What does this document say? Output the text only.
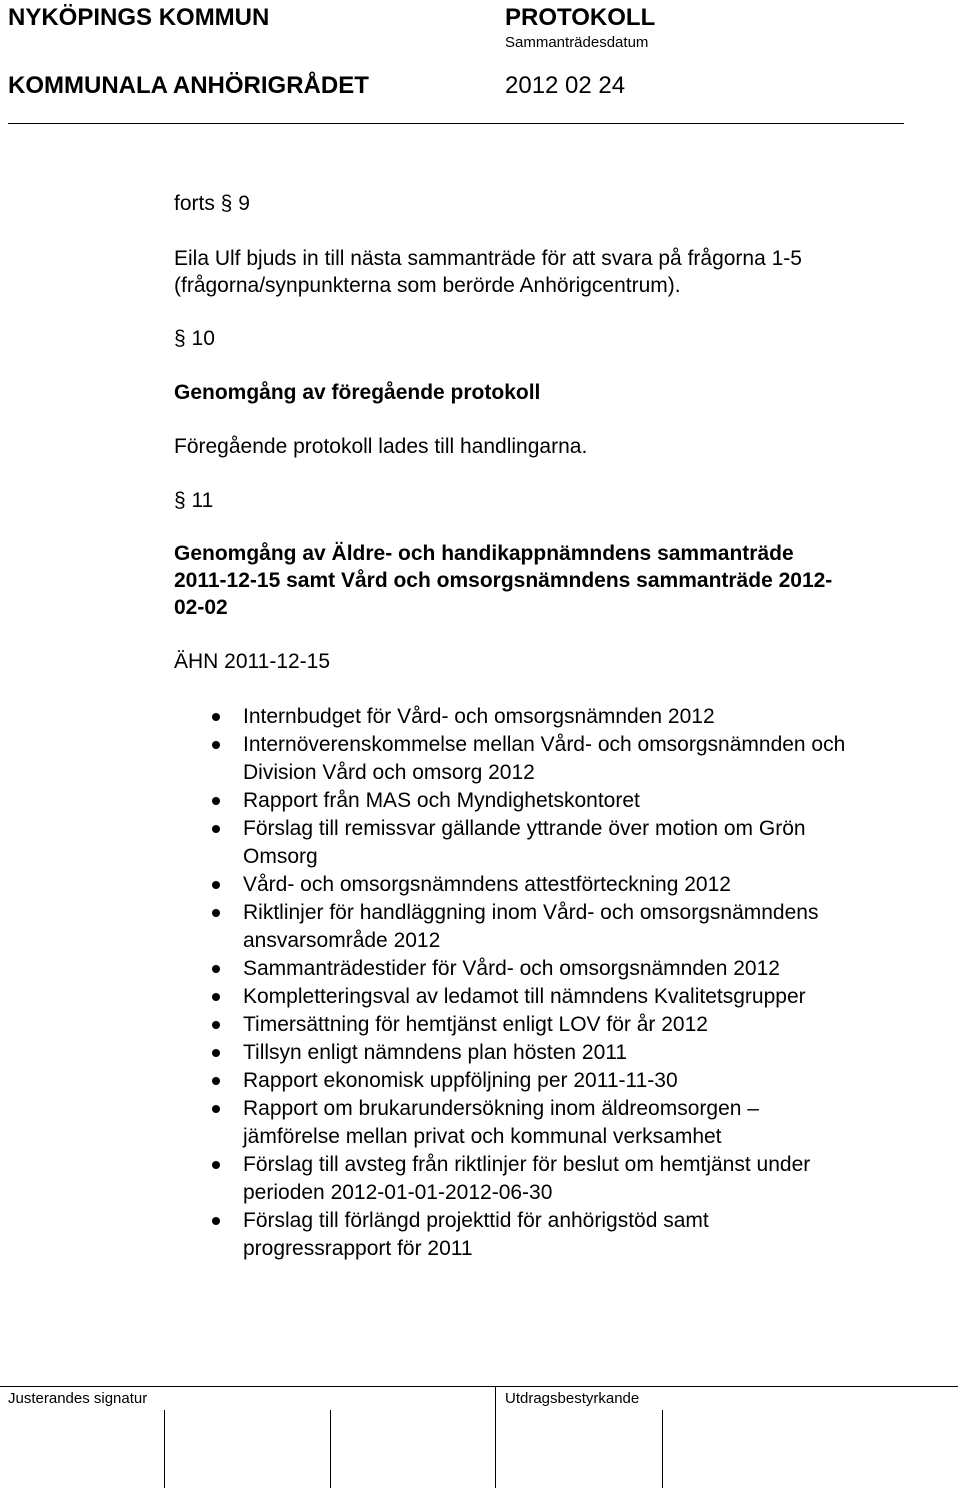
NYKÖPINGS KOMMUN	PROTOKOLL
Sammanträdesdatum
KOMMUNALA ANHÖRIGRÅDET	2012 02 24
forts § 9
Eila Ulf bjuds in till nästa sammanträde för att svara på frågorna 1-5
(frågorna/synpunkterna som berörde Anhörigcentrum).
§ 10
Genomgång av föregående protokoll
Föregående protokoll lades till handlingarna.
§ 11
Genomgång av Äldre- och handikappnämndens sammanträde
2011-12-15 samt Vård och omsorgsnämndens sammanträde 2012-
02-02
ÄHN 2011-12-15
Internbudget för Vård- och omsorgsnämnden 2012
Internöverenskommelse mellan Vård- och omsorgsnämnden och
Division Vård och omsorg 2012
Rapport från MAS och Myndighetskontoret
Förslag till remissvar gällande yttrande över motion om Grön
Omsorg
Vård- och omsorgsnämndens attestförteckning 2012
Riktlinjer för handläggning inom Vård- och omsorgsnämndens
ansvarsområde 2012
Sammanträdestider för Vård- och omsorgsnämnden 2012
Kompletteringsval av ledamot till nämndens Kvalitetsgrupper
Timersättning för hemtjänst enligt LOV för år 2012
Tillsyn enligt nämndens plan hösten 2011
Rapport ekonomisk uppföljning per 2011-11-30
Rapport om brukarundersökning inom äldreomsorgen –
jämförelse mellan privat och kommunal verksamhet
Förslag till avsteg från riktlinjer för beslut om hemtjänst under
perioden 2012-01-01-2012-06-30
Förslag till förlängd projekttid för anhörigstöd samt
progressrapport för 2011
Justerandes signatur	Utdragsbestyrkande
